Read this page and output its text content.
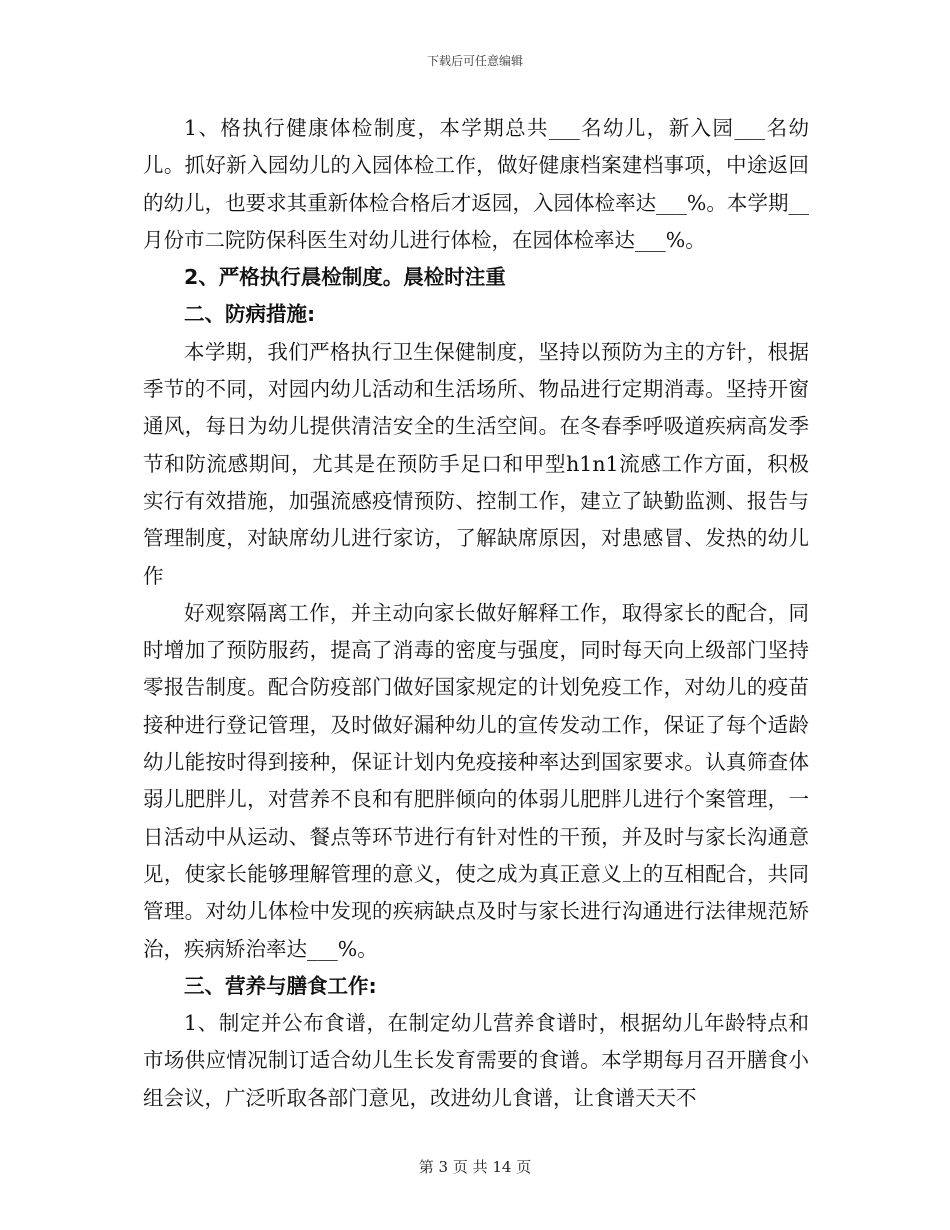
下载后可任意编辑

1、格执行健康体检制度，本学期总共___名幼儿，新入园___名幼儿。抓好新入园幼儿的入园体检工作，做好健康档案建档事项，中途返回的幼儿，也要求其重新体检合格后才返园，入园体检率达___%。本学期__月份市二院防保科医生对幼儿进行体检，在园体检率达___%。

2、严格执行晨检制度。晨检时注重

二、防病措施:

本学期，我们严格执行卫生保健制度，坚持以预防为主的方针，根据季节的不同，对园内幼儿活动和生活场所、物品进行定期消毒。坚持开窗通风，每日为幼儿提供清洁安全的生活空间。在冬春季呼吸道疾病高发季节和防流感期间，尤其是在预防手足口和甲型h1n1流感工作方面，积极实行有效措施，加强流感疫情预防、控制工作，建立了缺勤监测、报告与管理制度，对缺席幼儿进行家访，了解缺席原因，对患感冒、发热的幼儿作

好观察隔离工作，并主动向家长做好解释工作，取得家长的配合，同时增加了预防服药，提高了消毒的密度与强度，同时每天向上级部门坚持零报告制度。配合防疫部门做好国家规定的计划免疫工作，对幼儿的疫苗接种进行登记管理，及时做好漏种幼儿的宣传发动工作，保证了每个适龄幼儿能按时得到接种，保证计划内免疫接种率达到国家要求。认真筛查体弱儿肥胖儿，对营养不良和有肥胖倾向的体弱儿肥胖儿进行个案管理，一日活动中从运动、餐点等环节进行有针对性的干预，并及时与家长沟通意见，使家长能够理解管理的意义，使之成为真正意义上的互相配合，共同管理。对幼儿体检中发现的疾病缺点及时与家长进行沟通进行法律规范矫治，疾病矫治率达___%。

三、营养与膳食工作:

1、制定并公布食谱，在制定幼儿营养食谱时，根据幼儿年龄特点和市场供应情况制订适合幼儿生长发育需要的食谱。本学期每月召开膳食小组会议，广泛听取各部门意见，改进幼儿食谱，让食谱天天不

第 3 页 共 14 页
